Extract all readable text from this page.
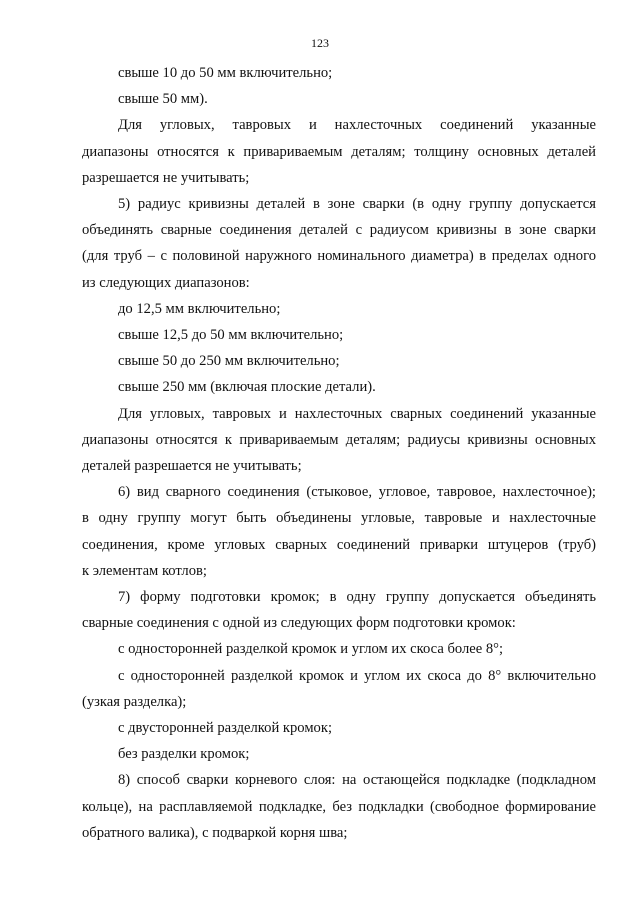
123

свыше 10 до 50 мм включительно;

свыше 50 мм).

Для угловых, тавровых и нахлесточных соединений указанные

диапазоны относятся к привариваемым деталям; толщину основных деталей

разрешается не учитывать;

5) радиус кривизны деталей в зоне сварки (в одну группу допускается

объединять сварные соединения деталей с радиусом кривизны в зоне сварки

(для труб – с половиной наружного номинального диаметра) в пределах одного

из следующих диапазонов:

до 12,5 мм включительно;

свыше 12,5 до 50 мм включительно;

свыше 50 до 250 мм включительно;

свыше 250 мм (включая плоские детали).

Для угловых, тавровых и нахлесточных сварных соединений указанные

диапазоны относятся к привариваемым деталям; радиусы кривизны основных

деталей разрешается не учитывать;

6) вид сварного соединения (стыковое, угловое, тавровое, нахлесточное);

в одну группу могут быть объединены угловые, тавровые и нахлесточные

соединения, кроме угловых сварных соединений приварки штуцеров (труб)

к элементам котлов;

7) форму подготовки кромок; в одну группу допускается объединять

сварные соединения с одной из следующих форм подготовки кромок:

с односторонней разделкой кромок и углом их скоса более 8°;

с односторонней разделкой кромок и углом их скоса до 8° включительно

(узкая разделка);

с двусторонней разделкой кромок;

без разделки кромок;

8) способ сварки корневого слоя: на остающейся подкладке (подкладном

кольце), на расплавляемой подкладке, без подкладки (свободное формирование

обратного валика), с подваркой корня шва;
